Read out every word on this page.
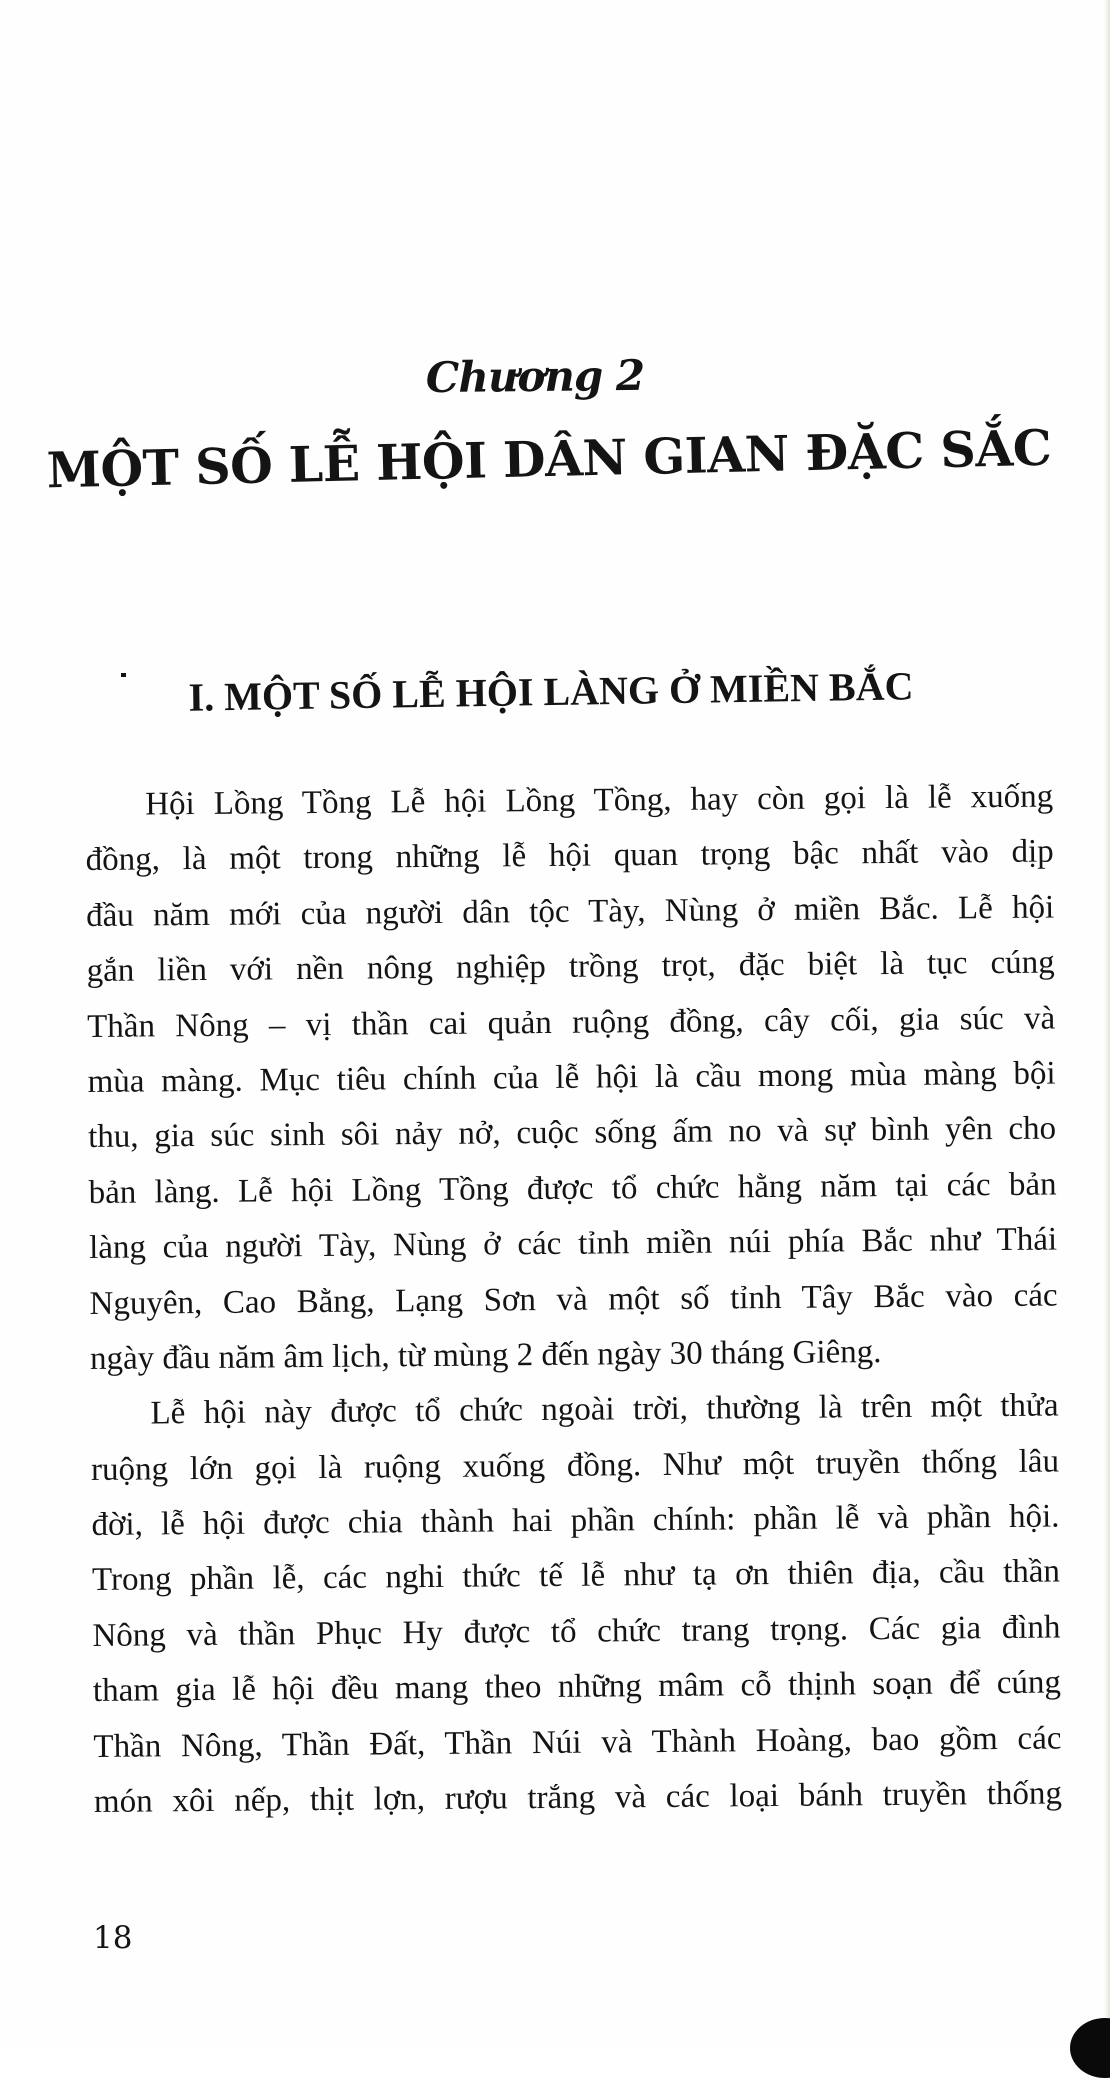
Chương 2
MỘT SỐ LỄ HỘI DÂN GIAN ĐẶC SẮC
I. MỘT SỐ LỄ HỘI LÀNG Ở MIỀN BẮC
Hội Lồng Tồng Lễ hội Lồng Tồng, hay còn gọi là lễ xuống
đồng, là một trong những lễ hội quan trọng bậc nhất vào dịp
đầu năm mới của người dân tộc Tày, Nùng ở miền Bắc. Lễ hội
gắn liền với nền nông nghiệp trồng trọt, đặc biệt là tục cúng
Thần Nông – vị thần cai quản ruộng đồng, cây cối, gia súc và
mùa màng. Mục tiêu chính của lễ hội là cầu mong mùa màng bội
thu, gia súc sinh sôi nảy nở, cuộc sống ấm no và sự bình yên cho
bản làng. Lễ hội Lồng Tồng được tổ chức hằng năm tại các bản
làng của người Tày, Nùng ở các tỉnh miền núi phía Bắc như Thái
Nguyên, Cao Bằng, Lạng Sơn và một số tỉnh Tây Bắc vào các
ngày đầu năm âm lịch, từ mùng 2 đến ngày 30 tháng Giêng.
Lễ hội này được tổ chức ngoài trời, thường là trên một thửa
ruộng lớn gọi là ruộng xuống đồng. Như một truyền thống lâu
đời, lễ hội được chia thành hai phần chính: phần lễ và phần hội.
Trong phần lễ, các nghi thức tế lễ như tạ ơn thiên địa, cầu thần
Nông và thần Phục Hy được tổ chức trang trọng. Các gia đình
tham gia lễ hội đều mang theo những mâm cỗ thịnh soạn để cúng
Thần Nông, Thần Đất, Thần Núi và Thành Hoàng, bao gồm các
món xôi nếp, thịt lợn, rượu trắng và các loại bánh truyền thống
18
